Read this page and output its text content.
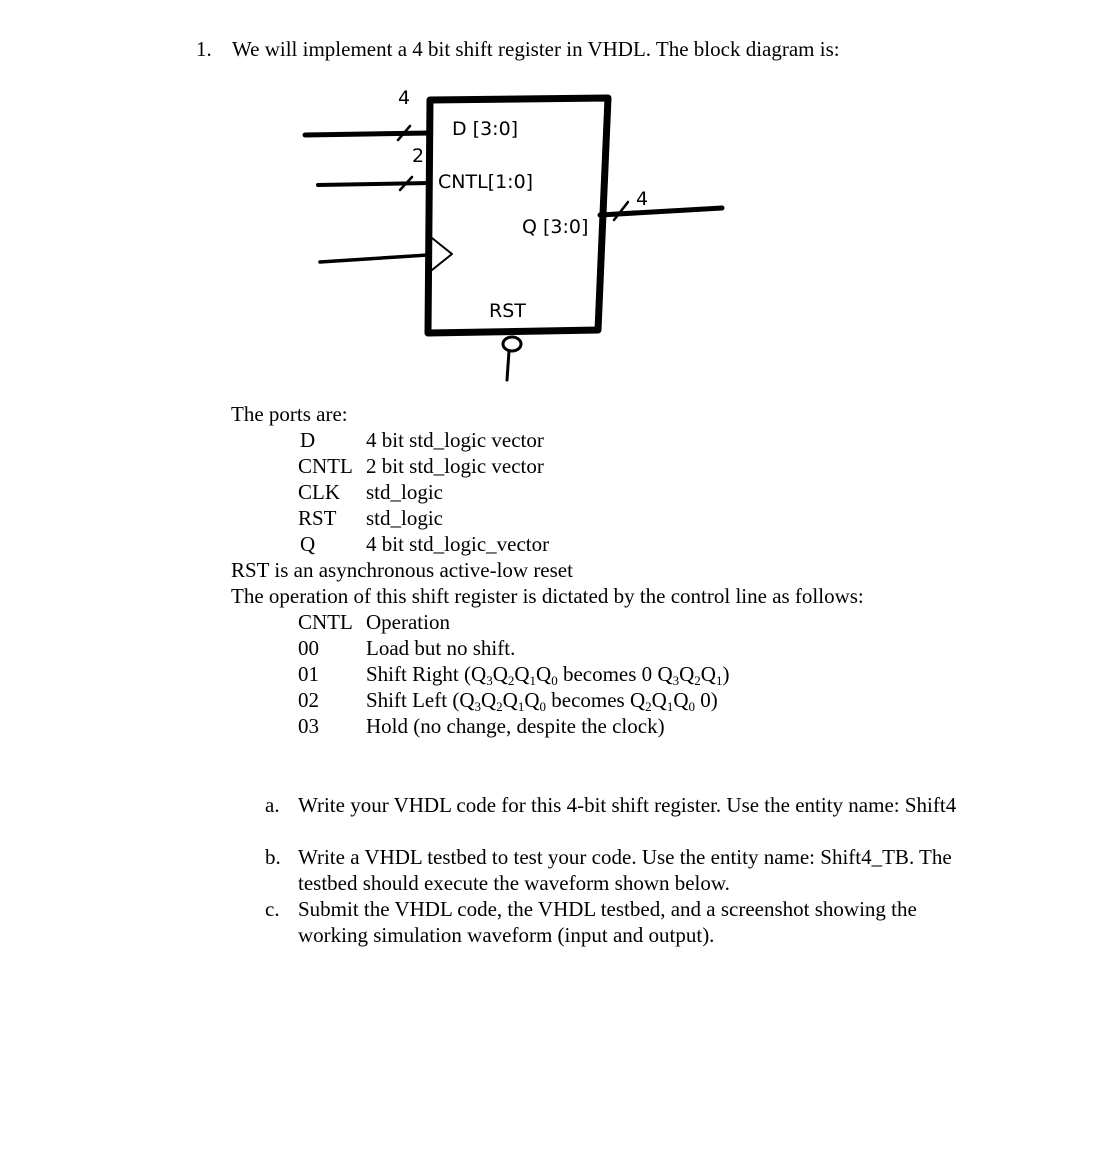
1. We will implement a 4 bit shift register in VHDL. The block diagram is:
4
2
4
D [3:0]
CNTL[1:0]
Q [3:0]
RST
The ports are:
D 4 bit std_logic vector
CNTL 2 bit std_logic vector
CLK std_logic
RST std_logic
Q 4 bit std_logic_vector
RST is an asynchronous active-low reset
The operation of this shift register is dictated by the control line as follows:
CNTL Operation
00 Load but no shift.
01 Shift Right ($Q_3Q_2Q_1Q_0$ becomes 0 $Q_3Q_2Q_1$)
02 Shift Left ($Q_3Q_2Q_1Q_0$ becomes $Q_2Q_1Q_0$ 0)
03 Hold (no change, despite the clock)
a. Write your VHDL code for this 4-bit shift register. Use the entity name: Shift4
b. Write a VHDL testbed to test your code. Use the entity name: Shift4_TB. The testbed should execute the waveform shown below.
c. Submit the VHDL code, the VHDL testbed, and a screenshot showing the working simulation waveform (input and output).
